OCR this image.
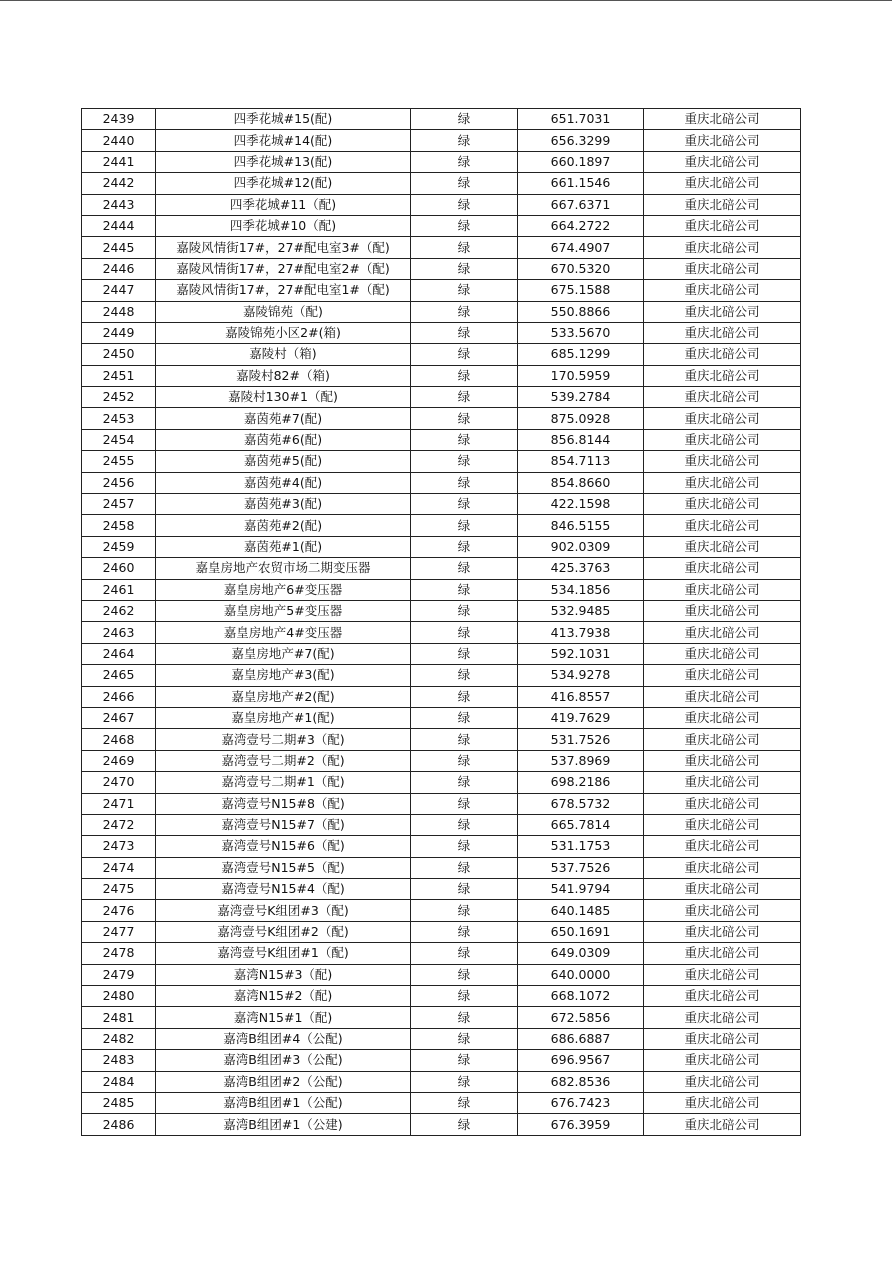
2439	四季花城#15(配)	绿	651.7031	重庆北碚公司
2440	四季花城#14(配)	绿	656.3299	重庆北碚公司
2441	四季花城#13(配)	绿	660.1897	重庆北碚公司
2442	四季花城#12(配)	绿	661.1546	重庆北碚公司
2443	四季花城#11（配)	绿	667.6371	重庆北碚公司
2444	四季花城#10（配)	绿	664.2722	重庆北碚公司
2445	嘉陵风情街17#，27#配电室3#（配)	绿	674.4907	重庆北碚公司
2446	嘉陵风情街17#，27#配电室2#（配)	绿	670.5320	重庆北碚公司
2447	嘉陵风情街17#，27#配电室1#（配)	绿	675.1588	重庆北碚公司
2448	嘉陵锦苑（配)	绿	550.8866	重庆北碚公司
2449	嘉陵锦苑小区2#(箱)	绿	533.5670	重庆北碚公司
2450	嘉陵村（箱)	绿	685.1299	重庆北碚公司
2451	嘉陵村82#（箱)	绿	170.5959	重庆北碚公司
2452	嘉陵村130#1（配)	绿	539.2784	重庆北碚公司
2453	嘉茵苑#7(配)	绿	875.0928	重庆北碚公司
2454	嘉茵苑#6(配)	绿	856.8144	重庆北碚公司
2455	嘉茵苑#5(配)	绿	854.7113	重庆北碚公司
2456	嘉茵苑#4(配)	绿	854.8660	重庆北碚公司
2457	嘉茵苑#3(配)	绿	422.1598	重庆北碚公司
2458	嘉茵苑#2(配)	绿	846.5155	重庆北碚公司
2459	嘉茵苑#1(配)	绿	902.0309	重庆北碚公司
2460	嘉皇房地产农贸市场二期变压器	绿	425.3763	重庆北碚公司
2461	嘉皇房地产6#变压器	绿	534.1856	重庆北碚公司
2462	嘉皇房地产5#变压器	绿	532.9485	重庆北碚公司
2463	嘉皇房地产4#变压器	绿	413.7938	重庆北碚公司
2464	嘉皇房地产#7(配)	绿	592.1031	重庆北碚公司
2465	嘉皇房地产#3(配)	绿	534.9278	重庆北碚公司
2466	嘉皇房地产#2(配)	绿	416.8557	重庆北碚公司
2467	嘉皇房地产#1(配)	绿	419.7629	重庆北碚公司
2468	嘉湾壹号二期#3（配)	绿	531.7526	重庆北碚公司
2469	嘉湾壹号二期#2（配)	绿	537.8969	重庆北碚公司
2470	嘉湾壹号二期#1（配)	绿	698.2186	重庆北碚公司
2471	嘉湾壹号N15#8（配)	绿	678.5732	重庆北碚公司
2472	嘉湾壹号N15#7（配)	绿	665.7814	重庆北碚公司
2473	嘉湾壹号N15#6（配)	绿	531.1753	重庆北碚公司
2474	嘉湾壹号N15#5（配)	绿	537.7526	重庆北碚公司
2475	嘉湾壹号N15#4（配)	绿	541.9794	重庆北碚公司
2476	嘉湾壹号K组团#3（配)	绿	640.1485	重庆北碚公司
2477	嘉湾壹号K组团#2（配)	绿	650.1691	重庆北碚公司
2478	嘉湾壹号K组团#1（配)	绿	649.0309	重庆北碚公司
2479	嘉湾N15#3（配)	绿	640.0000	重庆北碚公司
2480	嘉湾N15#2（配)	绿	668.1072	重庆北碚公司
2481	嘉湾N15#1（配)	绿	672.5856	重庆北碚公司
2482	嘉湾B组团#4（公配)	绿	686.6887	重庆北碚公司
2483	嘉湾B组团#3（公配)	绿	696.9567	重庆北碚公司
2484	嘉湾B组团#2（公配)	绿	682.8536	重庆北碚公司
2485	嘉湾B组团#1（公配)	绿	676.7423	重庆北碚公司
2486	嘉湾B组团#1（公建)	绿	676.3959	重庆北碚公司
